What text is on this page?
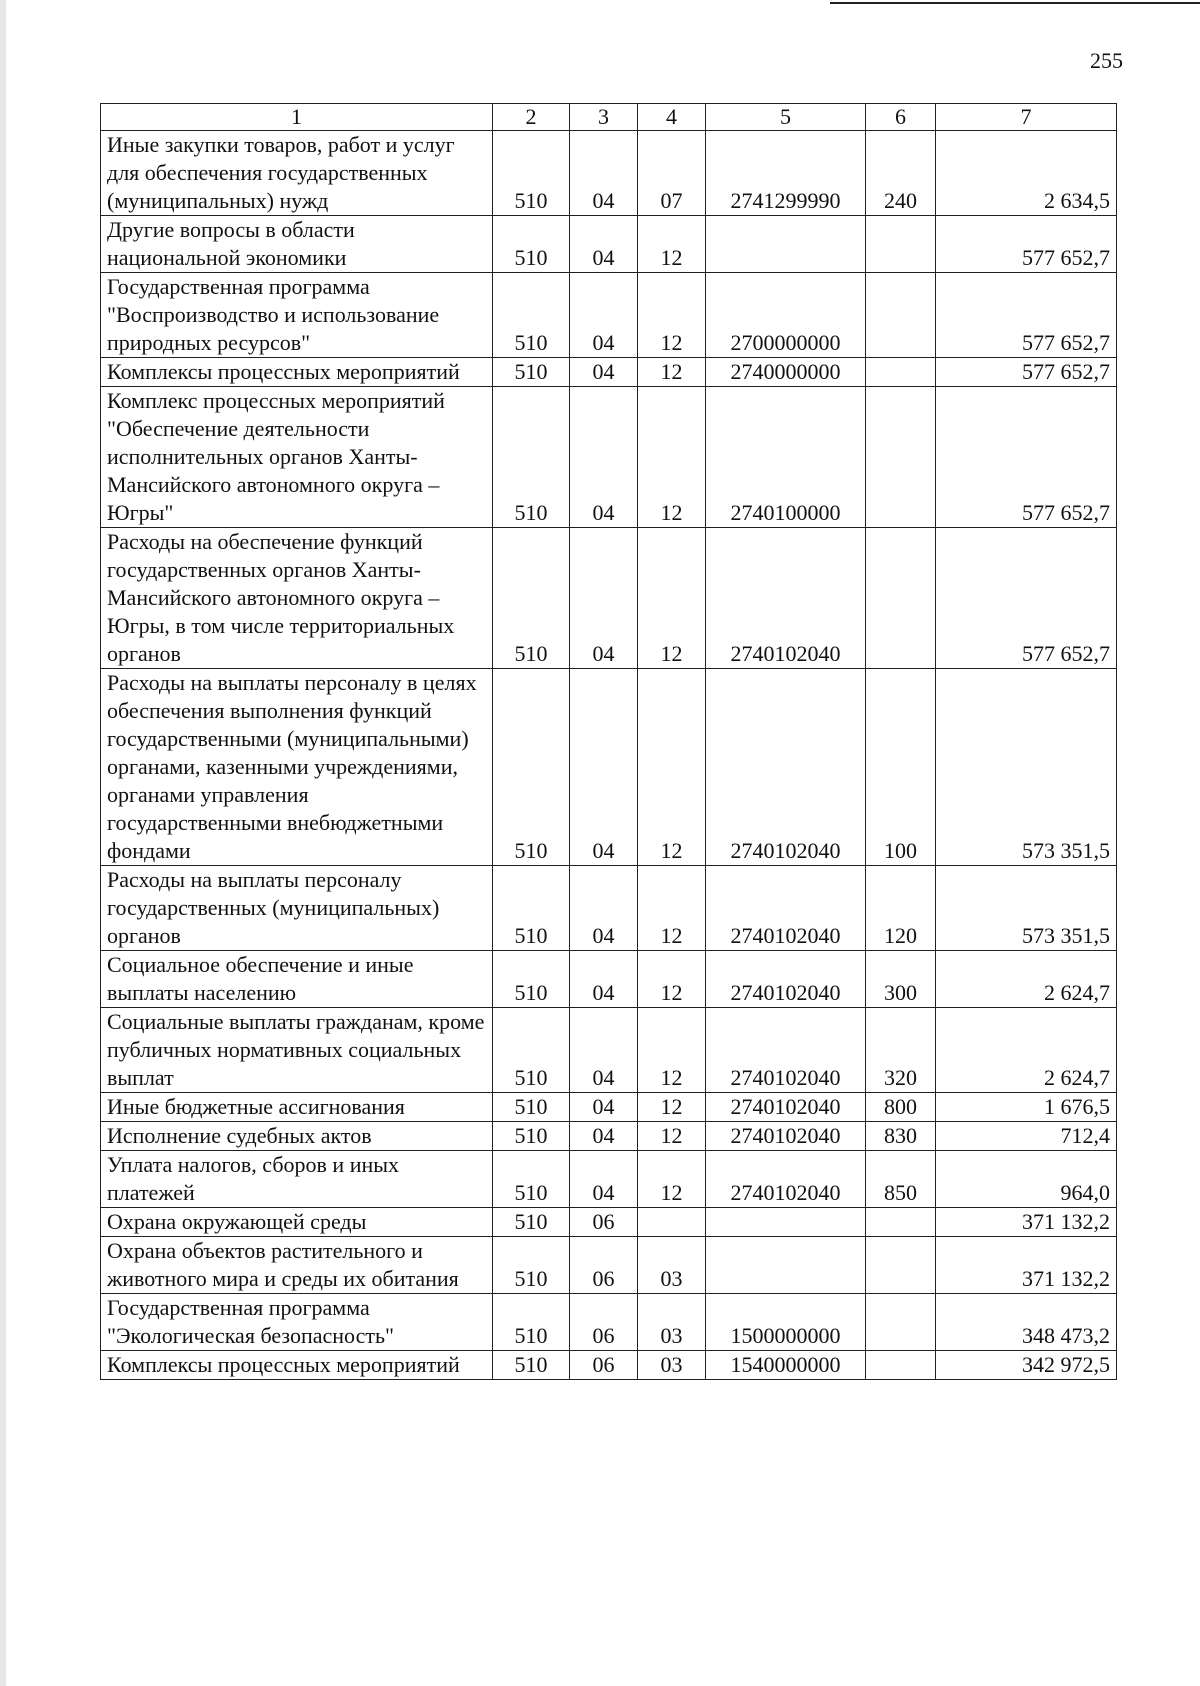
255
1	2	3	4	5	6	7
Иные закупки товаров, работ и услуг для обеспечения государственных (муниципальных) нужд	510	04	07	2741299990	240	2 634,5
Другие вопросы в области национальной экономики	510	04	12			577 652,7
Государственная программа "Воспроизводство и использование природных ресурсов"	510	04	12	2700000000		577 652,7
Комплексы процессных мероприятий	510	04	12	2740000000		577 652,7
Комплекс процессных мероприятий "Обеспечение деятельности исполнительных органов Ханты-Мансийского автономного округа – Югры"	510	04	12	2740100000		577 652,7
Расходы на обеспечение функций государственных органов Ханты-Мансийского автономного округа – Югры, в том числе территориальных органов	510	04	12	2740102040		577 652,7
Расходы на выплаты персоналу в целях обеспечения выполнения функций государственными (муниципальными) органами, казенными учреждениями, органами управления государственными внебюджетными фондами	510	04	12	2740102040	100	573 351,5
Расходы на выплаты персоналу государственных (муниципальных) органов	510	04	12	2740102040	120	573 351,5
Социальное обеспечение и иные выплаты населению	510	04	12	2740102040	300	2 624,7
Социальные выплаты гражданам, кроме публичных нормативных социальных выплат	510	04	12	2740102040	320	2 624,7
Иные бюджетные ассигнования	510	04	12	2740102040	800	1 676,5
Исполнение судебных актов	510	04	12	2740102040	830	712,4
Уплата налогов, сборов и иных платежей	510	04	12	2740102040	850	964,0
Охрана окружающей среды	510	06				371 132,2
Охрана объектов растительного и животного мира и среды их обитания	510	06	03			371 132,2
Государственная программа "Экологическая безопасность"	510	06	03	1500000000		348 473,2
Комплексы процессных мероприятий	510	06	03	1540000000		342 972,5
